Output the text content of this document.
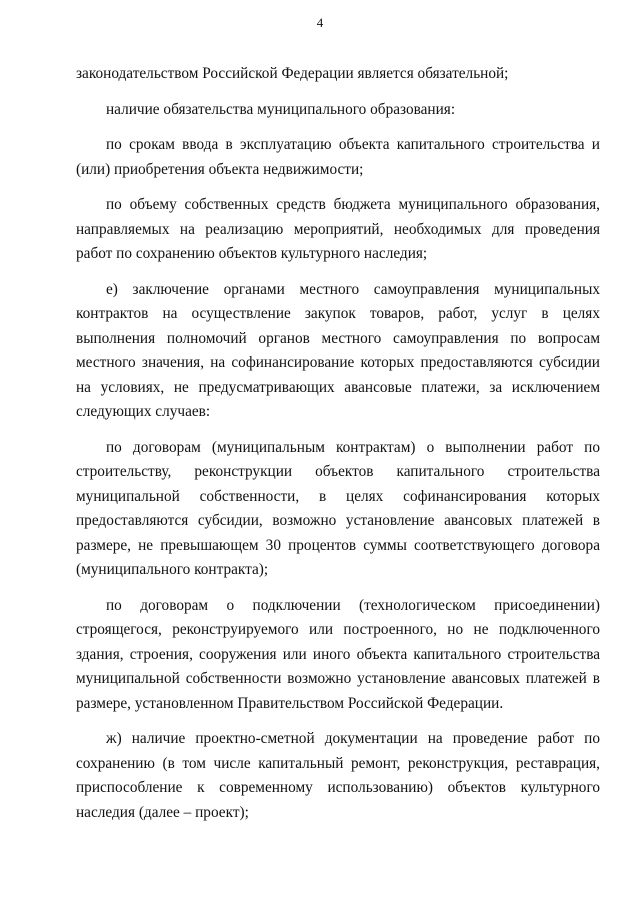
4

законодательством Российской Федерации является обязательной;

наличие обязательства муниципального образования:

по срокам ввода в эксплуатацию объекта капитального строительства и (или) приобретения объекта недвижимости;

по объему собственных средств бюджета муниципального образования, направляемых на реализацию мероприятий, необходимых для проведения работ по сохранению объектов культурного наследия;

е) заключение органами местного самоуправления муниципальных контрактов на осуществление закупок товаров, работ, услуг в целях выполнения полномочий органов местного самоуправления по вопросам местного значения, на софинансирование которых предоставляются субсидии на условиях, не предусматривающих авансовые платежи, за исключением следующих случаев:

по договорам (муниципальным контрактам) о выполнении работ по строительству, реконструкции объектов капитального строительства муниципальной собственности, в целях софинансирования которых предоставляются субсидии, возможно установление авансовых платежей в размере, не превышающем 30 процентов суммы соответствующего договора (муниципального контракта);

по договорам о подключении (технологическом присоединении) строящегося, реконструируемого или построенного, но не подключенного здания, строения, сооружения или иного объекта капитального строительства муниципальной собственности возможно установление авансовых платежей в размере, установленном Правительством Российской Федерации.

ж) наличие проектно-сметной документации на проведение работ по сохранению (в том числе капитальный ремонт, реконструкция, реставрация, приспособление к современному использованию) объектов культурного наследия (далее – проект);
